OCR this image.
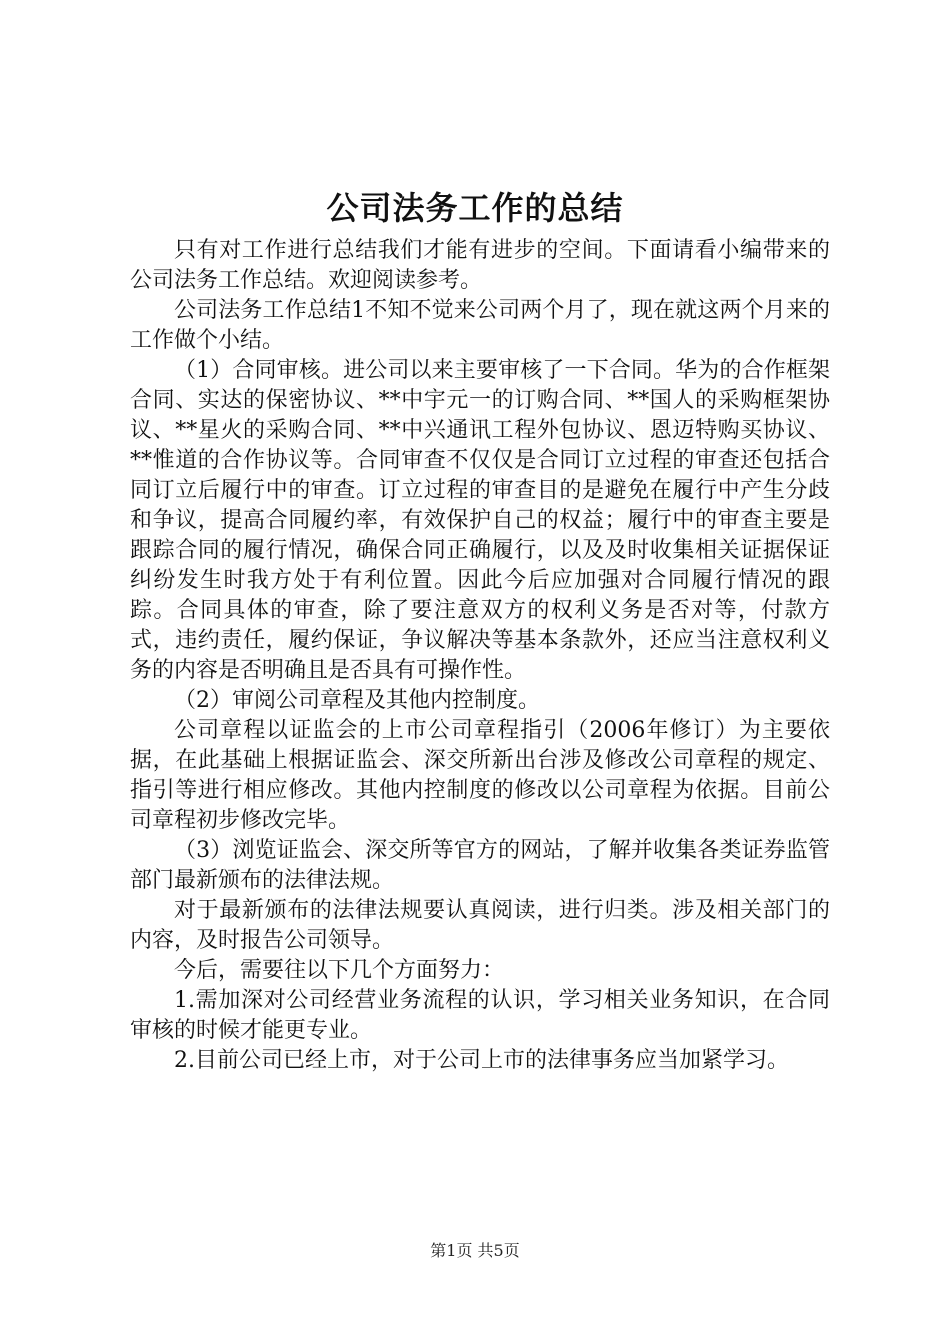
公司法务工作的总结

只有对工作进行总结我们才能有进步的空间。下面请看小编带来的公司法务工作总结。欢迎阅读参考。

公司法务工作总结1不知不觉来公司两个月了，现在就这两个月来的工作做个小结。

（1）合同审核。进公司以来主要审核了一下合同。华为的合作框架合同、实达的保密协议、**中宇元一的订购合同、**国人的采购框架协议、**星火的采购合同、**中兴通讯工程外包协议、恩迈特购买协议、**惟道的合作协议等。合同审查不仅仅是合同订立过程的审查还包括合同订立后履行中的审查。订立过程的审查目的是避免在履行中产生分歧和争议，提高合同履约率，有效保护自己的权益；履行中的审查主要是跟踪合同的履行情况，确保合同正确履行，以及及时收集相关证据保证纠纷发生时我方处于有利位置。因此今后应加强对合同履行情况的跟踪。合同具体的审查，除了要注意双方的权利义务是否对等，付款方式，违约责任，履约保证，争议解决等基本条款外，还应当注意权利义务的内容是否明确且是否具有可操作性。

（2）审阅公司章程及其他内控制度。

公司章程以证监会的上市公司章程指引（2006年修订）为主要依据，在此基础上根据证监会、深交所新出台涉及修改公司章程的规定、指引等进行相应修改。其他内控制度的修改以公司章程为依据。目前公司章程初步修改完毕。

（3）浏览证监会、深交所等官方的网站，了解并收集各类证券监管部门最新颁布的法律法规。

对于最新颁布的法律法规要认真阅读，进行归类。涉及相关部门的内容，及时报告公司领导。

今后，需要往以下几个方面努力：

1.需加深对公司经营业务流程的认识，学习相关业务知识，在合同审核的时候才能更专业。

2.目前公司已经上市，对于公司上市的法律事务应当加紧学习。

第1页 共5页
